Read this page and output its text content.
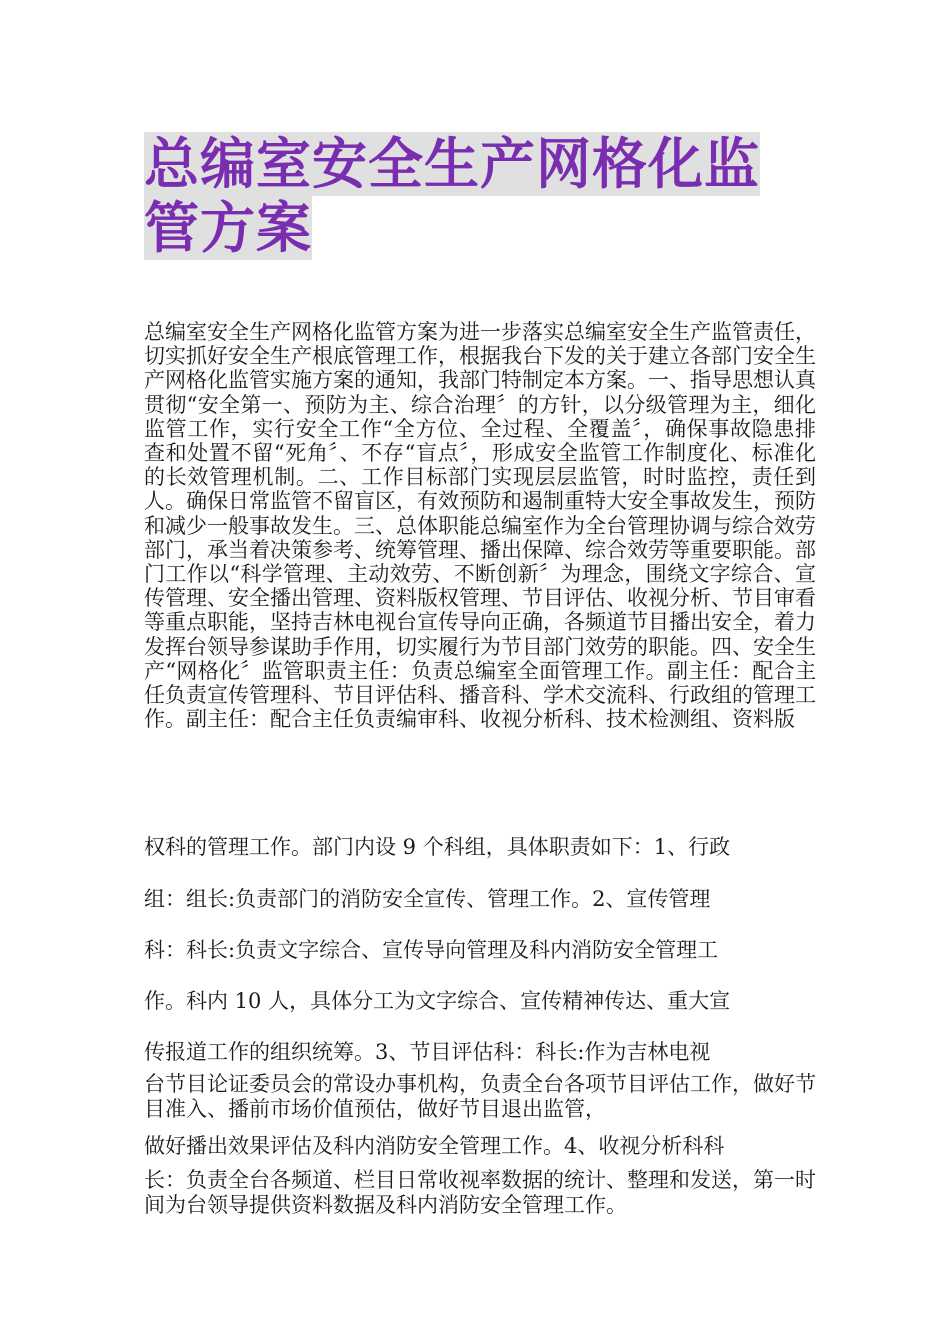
总编室安全生产网格化监
管方案

总编室安全生产网格化监管方案为进一步落实总编室安全生产监管责任，切实抓好安全生产根底管理工作，根据我台下发的关于建立各部门安全生产网格化监管实施方案的通知，我部门特制定本方案。一、指导思想认真贯彻“安全第一、预防为主、综合治理〞的方针，以分级管理为主，细化监管工作，实行安全工作“全方位、全过程、全覆盖〞，确保事故隐患排查和处置不留“死角〞、不存“盲点〞，形成安全监管工作制度化、标准化的长效管理机制。二、工作目标部门实现层层监管，时时监控，责任到人。确保日常监管不留盲区，有效预防和遏制重特大安全事故发生，预防和减少一般事故发生。三、总体职能总编室作为全台管理协调与综合效劳部门，承当着决策参考、统筹管理、播出保障、综合效劳等重要职能。部门工作以“科学管理、主动效劳、不断创新〞为理念，围绕文字综合、宣传管理、安全播出管理、资料版权管理、节目评估、收视分析、节目审看等重点职能，坚持吉林电视台宣传导向正确，各频道节目播出安全，着力发挥台领导参谋助手作用，切实履行为节目部门效劳的职能。四、安全生产“网格化〞监管职责主任：负责总编室全面管理工作。副主任：配合主任负责宣传管理科、节目评估科、播音科、学术交流科、行政组的管理工作。副主任：配合主任负责编审科、收视分析科、技术检测组、资料版

权科的管理工作。部门内设 9 个科组，具体职责如下：1、行政
组：组长:负责部门的消防安全宣传、管理工作。2、宣传管理
科：科长:负责文字综合、宣传导向管理及科内消防安全管理工
作。科内 10 人，具体分工为文字综合、宣传精神传达、重大宣
传报道工作的组织统筹。3、节目评估科：科长:作为吉林电视

台节目论证委员会的常设办事机构，负责全台各项节目评估工作，做好节目准入、播前市场价值预估，做好节目退出监管，

做好播出效果评估及科内消防安全管理工作。4、收视分析科科

长：负责全台各频道、栏目日常收视率数据的统计、整理和发送，第一时间为台领导提供资料数据及科内消防安全管理工作。
